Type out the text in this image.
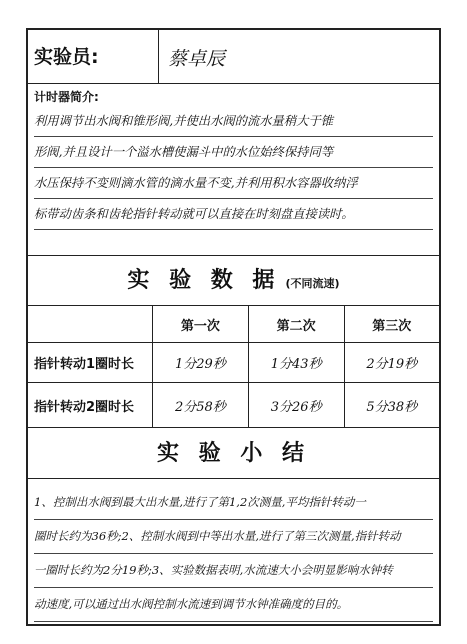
实验员:	蔡卓辰
计时器简介:
利用调节出水阀和锥形阀,并使出水阀的流水量稍大于锥
形阀,并且设计一个溢水槽使漏斗中的水位始终保持同等
水压保持不变则滴水管的滴水量不变,并利用积水容器收纳浮
标带动齿条和齿轮指针转动就可以直接在时刻盘直接读时。
实 验 数 据 (不同流速)
	第一次	第二次	第三次
指针转动1圈时长	1分29秒	1分43秒	2分19秒
指针转动2圈时长	2分58秒	3分26秒	5分38秒
实 验 小 结
1、控制出水阀到最大出水量,进行了第1,2次测量,平均指针转动一
圈时长约为36秒;2、控制水阀到中等出水量,进行了第三次测量,指针转动
一圈时长约为2分19秒;3、实验数据表明,水流速大小会明显影响水钟转
动速度,可以通过出水阀控制水流速到调节水钟准确度的目的。
